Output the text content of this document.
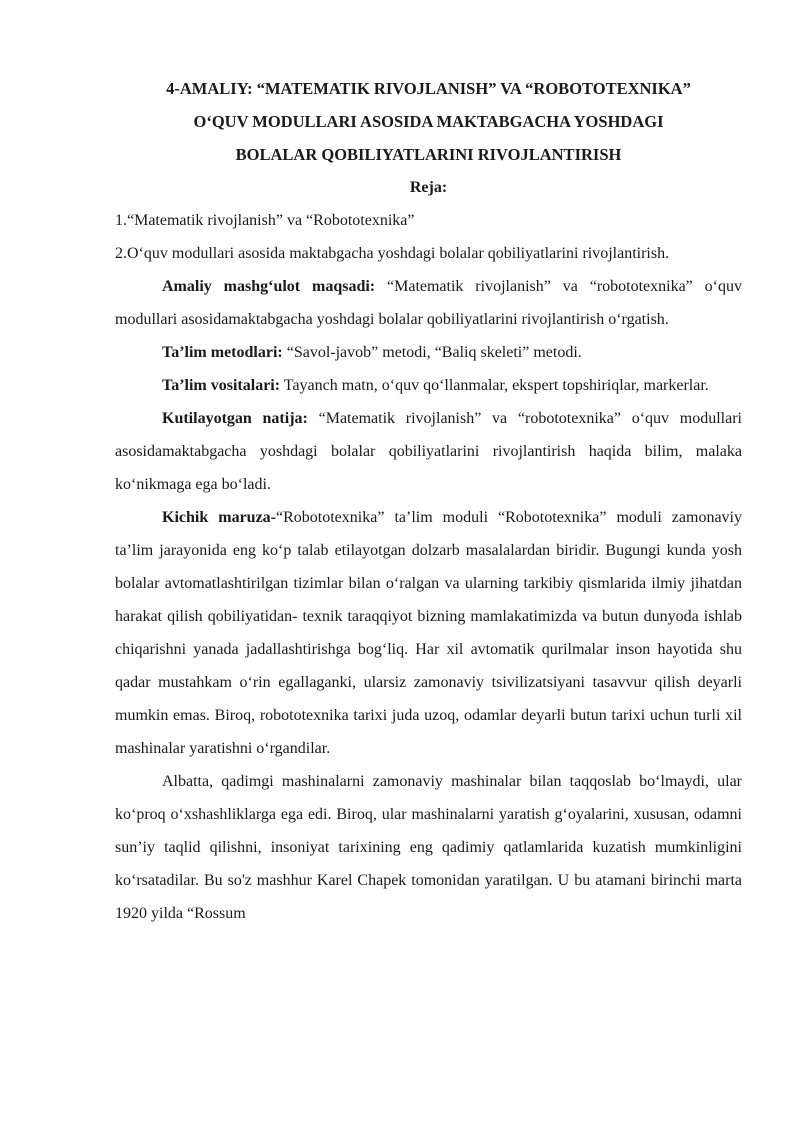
4-AMALIY: “MATEMATIK RIVOJLANISH” VA “ROBOTOTEXNIKA”
O‘QUV MODULLARI ASOSIDA MAKTABGACHA YOSHDAGI
BOLALAR QOBILIYATLARINI RIVOJLANTIRISH

Reja:

1.“Matematik rivojlanish” va “Robototexnika”

2.O‘quv modullari asosida maktabgacha yoshdagi bolalar qobiliyatlarini rivojlantirish.

Amaliy mashg‘ulot maqsadi: “Matematik rivojlanish” va “robototexnika” o‘quv modullari asosidamaktabgacha yoshdagi bolalar qobiliyatlarini rivojlantirish o‘rgatish.

Ta’lim metodlari: “Savol-javob” metodi, “Baliq skeleti” metodi.

Ta’lim vositalari: Tayanch matn, o‘quv qo‘llanmalar, ekspert topshiriqlar, markerlar.

Kutilayotgan natija: “Matematik rivojlanish” va “robototexnika” o‘quv modullari asosidamaktabgacha yoshdagi bolalar qobiliyatlarini rivojlantirish haqida bilim, malaka ko‘nikmaga ega bo‘ladi.

Kichik maruza-“Robototexnika” ta’lim moduli “Robototexnika” moduli zamonaviy ta’lim jarayonida eng ko‘p talab etilayotgan dolzarb masalalardan biridir. Bugungi kunda yosh bolalar avtomatlashtirilgan tizimlar bilan o‘ralgan va ularning tarkibiy qismlarida ilmiy jihatdan harakat qilish qobiliyatidan- texnik taraqqiyot bizning mamlakatimizda va butun dunyoda ishlab chiqarishni yanada jadallashtirishga bog‘liq. Har xil avtomatik qurilmalar inson hayotida shu qadar mustahkam o‘rin egallaganki, ularsiz zamonaviy tsivilizatsiyani tasavvur qilish deyarli mumkin emas. Biroq, robototexnika tarixi juda uzoq, odamlar deyarli butun tarixi uchun turli xil mashinalar yaratishni o‘rgandilar.

Albatta, qadimgi mashinalarni zamonaviy mashinalar bilan taqqoslab bo‘lmaydi, ular ko‘proq o‘xshashliklarga ega edi. Biroq, ular mashinalarni yaratish g‘oyalarini, xususan, odamni sun’iy taqlid qilishni, insoniyat tarixining eng qadimiy qatlamlarida kuzatish mumkinligini ko‘rsatadilar. Bu so'z mashhur Karel Chapek tomonidan yaratilgan. U bu atamani birinchi marta 1920 yilda “Rossum
